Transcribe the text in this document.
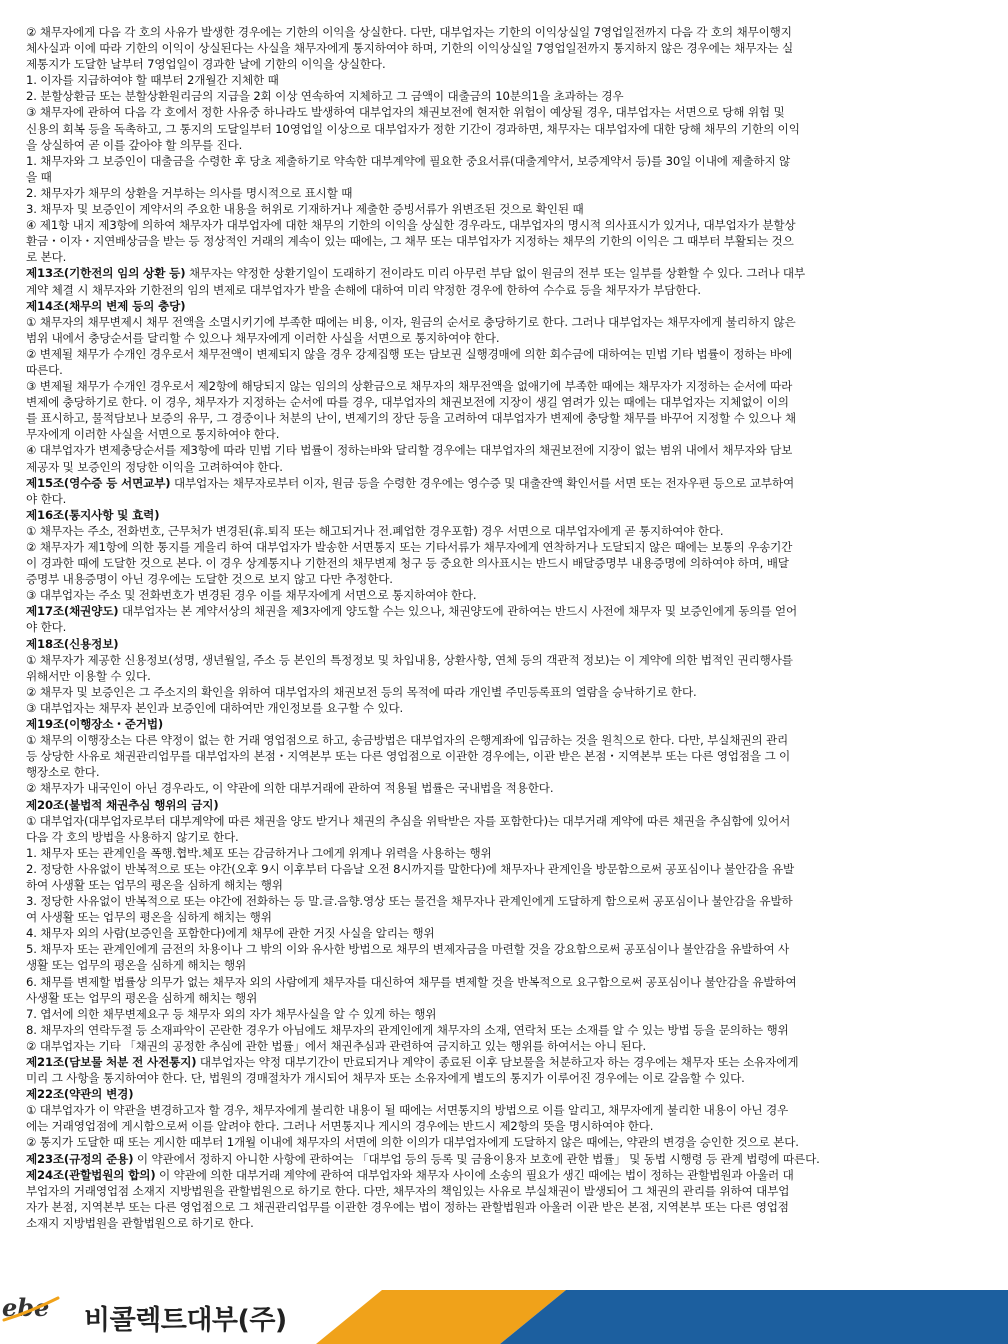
② 채무자에게 다음 각 호의 사유가 발생한 경우에는 기한의 이익을 상실한다. 다만, 대부업자는 기한의 이익상실일 7영업일전까지 다음 각 호의 채무이행지
체사실과 이에 따라 기한의 이익이 상실된다는 사실을 채무자에게 통지하여야 하며, 기한의 이익상실일 7영업일전까지 통지하지 않은 경우에는 채무자는 실
제통지가 도달한 날부터 7영업일이 경과한 날에 기한의 이익을 상실한다.
1. 이자를 지급하여야 할 때부터 2개월간 지체한 때
2. 분할상환금 또는 분할상환원리금의 지급을 2회 이상 연속하여 지체하고 그 금액이 대출금의 10분의1을 초과하는 경우
③ 채무자에 관하여 다음 각 호에서 정한 사유중 하나라도 발생하여 대부업자의 채권보전에 현저한 위험이 예상될 경우, 대부업자는 서면으로 당해 위험 및
신용의 회복 등을 독촉하고, 그 통지의 도달일부터 10영업일 이상으로 대부업자가 정한 기간이 경과하면, 채무자는 대부업자에 대한 당해 채무의 기한의 이익
을 상실하여 곧 이를 갚아야 할 의무를 진다.
1. 채무자와 그 보증인이 대출금을 수령한 후 당초 제출하기로 약속한 대부계약에 필요한 중요서류(대출계약서, 보증계약서 등)를 30일 이내에 제출하지 않
을 때
2. 채무자가 채무의 상환을 거부하는 의사를 명시적으로 표시할 때
3. 채무자 및 보증인이 계약서의 주요한 내용을 허위로 기재하거나 제출한 증빙서류가 위변조된 것으로 확인된 때
④ 제1항 내지 제3항에 의하여 채무자가 대부업자에 대한 채무의 기한의 이익을 상실한 경우라도, 대부업자의 명시적 의사표시가 있거나, 대부업자가 분할상
환금・이자・지연배상금을 받는 등 정상적인 거래의 계속이 있는 때에는, 그 채무 또는 대부업자가 지정하는 채무의 기한의 이익은 그 때부터 부활되는 것으
로 본다.
제13조(기한전의 임의 상환 등) 채무자는 약정한 상환기일이 도래하기 전이라도 미리 아무런 부담 없이 원금의 전부 또는 일부를 상환할 수 있다. 그러나 대부
계약 체결 시 채무자와 기한전의 임의 변제로 대부업자가 받을 손해에 대하여 미리 약정한 경우에 한하여 수수료 등을 채무자가 부담한다.
제14조(채무의 변제 등의 충당)
① 채무자의 채무변제시 채무 전액을 소멸시키기에 부족한 때에는 비용, 이자, 원금의 순서로 충당하기로 한다. 그러나 대부업자는 채무자에게 불리하지 않은
범위 내에서 충당순서를 달리할 수 있으나 채무자에게 이러한 사실을 서면으로 통지하여야 한다.
② 변제될 채무가 수개인 경우로서 채무전액이 변제되지 않을 경우 강제집행 또는 담보권 실행경매에 의한 회수금에 대하여는 민법 기타 법률이 정하는 바에
따른다.
③ 변제될 채무가 수개인 경우로서 제2항에 해당되지 않는 임의의 상환금으로 채무자의 채무전액을 없애기에 부족한 때에는 채무자가 지정하는 순서에 따라
변제에 충당하기로 한다. 이 경우, 채무자가 지정하는 순서에 따를 경우, 대부업자의 채권보전에 지장이 생길 염려가 있는 때에는 대부업자는 지체없이 이의
를 표시하고, 물적담보나 보증의 유무, 그 경중이나 처분의 난이, 변제기의 장단 등을 고려하여 대부업자가 변제에 충당할 채무를 바꾸어 지정할 수 있으나 채
무자에게 이러한 사실을 서면으로 통지하여야 한다.
④ 대부업자가 변제충당순서를 제3항에 따라 민법 기타 법률이 정하는바와 달리할 경우에는 대부업자의 채권보전에 지장이 없는 범위 내에서 채무자와 담보
제공자 및 보증인의 정당한 이익을 고려하여야 한다.
제15조(영수증 등 서면교부) 대부업자는 채무자로부터 이자, 원금 등을 수령한 경우에는 영수증 및 대출잔액 확인서를 서면 또는 전자우편 등으로 교부하여
야 한다.
제16조(통지사항 및 효력)
① 채무자는 주소, 전화번호, 근무처가 변경된(휴.퇴직 또는 해고되거나 전.폐업한 경우포함) 경우 서면으로 대부업자에게 곧 통지하여야 한다.
② 채무자가 제1항에 의한 통지를 게을리 하여 대부업자가 발송한 서면통지 또는 기타서류가 채무자에게 연착하거나 도달되지 않은 때에는 보통의 우송기간
이 경과한 때에 도달한 것으로 본다. 이 경우 상계통지나 기한전의 채무변제 청구 등 중요한 의사표시는 반드시 배달증명부 내용증명에 의하여야 하며, 배달
증명부 내용증명이 아닌 경우에는 도달한 것으로 보지 않고 다만 추정한다.
③ 대부업자는 주소 및 전화번호가 변경된 경우 이를 채무자에게 서면으로 통지하여야 한다.
제17조(채권양도) 대부업자는 본 계약서상의 채권을 제3자에게 양도할 수는 있으나, 채권양도에 관하여는 반드시 사전에 채무자 및 보증인에게 동의를 얻어
야 한다.
제18조(신용정보)
① 채무자가 제공한 신용정보(성명, 생년월일, 주소 등 본인의 특정정보 및 차입내용, 상환사항, 연체 등의 객관적 정보)는 이 계약에 의한 법적인 권리행사를
위해서만 이용할 수 있다.
② 채무자 및 보증인은 그 주소지의 확인을 위하여 대부업자의 채권보전 등의 목적에 따라 개인별 주민등록표의 열람을 승낙하기로 한다.
③ 대부업자는 채무자 본인과 보증인에 대하여만 개인정보를 요구할 수 있다.
제19조(이행장소・준거법)
① 채무의 이행장소는 다른 약정이 없는 한 거래 영업점으로 하고, 송금방법은 대부업자의 은행계좌에 입금하는 것을 원칙으로 한다. 다만, 부실채권의 관리
등 상당한 사유로 채권관리업무를 대부업자의 본점・지역본부 또는 다른 영업점으로 이관한 경우에는, 이관 받은 본점・지역본부 또는 다른 영업점을 그 이
행장소로 한다.
② 채무자가 내국인이 아닌 경우라도, 이 약관에 의한 대부거래에 관하여 적용될 법률은 국내법을 적용한다.
제20조(불법적 채권추심 행위의 금지)
① 대부업자(대부업자로부터 대부계약에 따른 채권을 양도 받거나 채권의 추심을 위탁받은 자를 포함한다)는 대부거래 계약에 따른 채권을 추심함에 있어서
다음 각 호의 방법을 사용하지 않기로 한다.
1. 채무자 또는 관계인을 폭행.협박.체포 또는 감금하거나 그에게 위계나 위력을 사용하는 행위
2. 정당한 사유없이 반복적으로 또는 야간(오후 9시 이후부터 다음날 오전 8시까지를 말한다)에 채무자나 관계인을 방문함으로써 공포심이나 불안감을 유발
하여 사생활 또는 업무의 평온을 심하게 해치는 행위
3. 정당한 사유없이 반복적으로 또는 야간에 전화하는 등 말.글.음향.영상 또는 물건을 채무자나 관계인에게 도달하게 함으로써 공포심이나 불안감을 유발하
여 사생활 또는 업무의 평온을 심하게 해치는 행위
4. 채무자 외의 사람(보증인을 포함한다)에게 채무에 관한 거짓 사실을 알리는 행위
5. 채무자 또는 관계인에게 금전의 차용이나 그 밖의 이와 유사한 방법으로 채무의 변제자금을 마련할 것을 강요함으로써 공포심이나 불안감을 유발하여 사
생활 또는 업무의 평온을 심하게 해치는 행위
6. 채무를 변제할 법률상 의무가 없는 채무자 외의 사람에게 채무자를 대신하여 채무를 변제할 것을 반복적으로 요구함으로써 공포심이나 불안감을 유발하여
사생활 또는 업무의 평온을 심하게 해치는 행위
7. 엽서에 의한 채무변제요구 등 채무자 외의 자가 채무사실을 알 수 있게 하는 행위
8. 채무자의 연락두절 등 소재파악이 곤란한 경우가 아님에도 채무자의 관계인에게 채무자의 소재, 연락처 또는 소재를 알 수 있는 방법 등을 문의하는 행위
② 대부업자는 기타 「채권의 공정한 추심에 관한 법률」에서 채권추심과 관련하여 금지하고 있는 행위를 하여서는 아니 된다.
제21조(담보물 처분 전 사전통지) 대부업자는 약정 대부기간이 만료되거나 계약이 종료된 이후 담보물을 처분하고자 하는 경우에는 채무자 또는 소유자에게
미리 그 사항을 통지하여야 한다. 단, 법원의 경매절차가 개시되어 채무자 또는 소유자에게 별도의 통지가 이루어진 경우에는 이로 갈음할 수 있다.
제22조(약관의 변경)
① 대부업자가 이 약관을 변경하고자 할 경우, 채무자에게 불리한 내용이 될 때에는 서면통지의 방법으로 이를 알리고, 채무자에게 불리한 내용이 아닌 경우
에는 거래영업점에 게시함으로써 이를 알려야 한다. 그러나 서면통지나 게시의 경우에는 반드시 제2항의 뜻을 명시하여야 한다.
② 통지가 도달한 때 또는 게시한 때부터 1개월 이내에 채무자의 서면에 의한 이의가 대부업자에게 도달하지 않은 때에는, 약관의 변경을 승인한 것으로 본다.
제23조(규정의 준용) 이 약관에서 정하지 아니한 사항에 관하여는 「대부업 등의 등록 및 금융이용자 보호에 관한 법률」 및 동법 시행령 등 관계 법령에 따른다.
제24조(관할법원의 합의) 이 약관에 의한 대부거래 계약에 관하여 대부업자와 채무자 사이에 소송의 필요가 생긴 때에는 법이 정하는 관할법원과 아울러 대
부업자의 거래영업점 소재지 지방법원을 관할법원으로 하기로 한다. 다만, 채무자의 책임있는 사유로 부실채권이 발생되어 그 채권의 관리를 위하여 대부업
자가 본점, 지역본부 또는 다른 영업점으로 그 채권관리업무를 이관한 경우에는 법이 정하는 관할법원과 아울러 이관 받은 본점, 지역본부 또는 다른 영업점
소재지 지방법원을 관할법원으로 하기로 한다.
ebe 비콜렉트대부(주)
